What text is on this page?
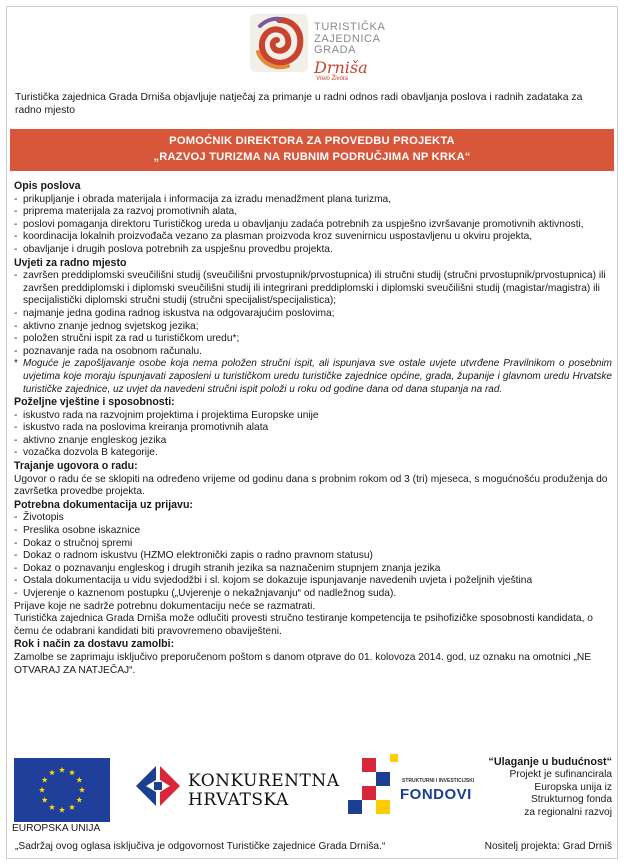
TURISTIČKA
ZAJEDNICA
GRADA
Drniša
Vrelo Života
Turistička zajednica Grada Drniša objavljuje natječaj za primanje u radni odnos radi obavljanja poslova i radnih zadataka za radno mjesto
POMOĆNIK DIREKTORA ZA PROVEDBU PROJEKTA
„RAZVOJ TURIZMA NA RUBNIM PODRUČJIMA NP KRKA“
Opis poslova
- prikupljanje i obrada materijala i informacija za izradu menadžment plana turizma,
- priprema materijala za razvoj promotivnih alata,
- poslovi pomaganja direktoru Turističkog ureda u obavljanju zadaća potrebnih za uspješno izvršavanje promotivnih aktivnosti,
- koordinacija lokalnih proizvođača vezano za plasman proizvoda kroz suvenirnicu uspostavljenu u okviru projekta,
- obavljanje i drugih poslova potrebnih za uspješnu provedbu projekta.
Uvjeti za radno mjesto
- završen preddiplomski sveučilišni studij (sveučilišni prvostupnik/prvostupnica) ili stručni studij (stručni prvostupnik/prvostupnica) ili završen preddiplomski i diplomski sveučilišni studij ili integrirani preddiplomski i diplomski sveučilišni studij (magistar/magistra) ili specijalistički diplomski stručni studij (stručni specijalist/specijalistica);
- najmanje jedna godina radnog iskustva na odgovarajućim poslovima;
- aktivno znanje jednog svjetskog jezika;
- položen stručni ispit za rad u turističkom uredu*;
- poznavanje rada na osobnom računalu.
* Moguće je zapošljavanje osobe koja nema položen stručni ispit, ali ispunjava sve ostale uvjete utvrđene Pravilnikom o posebnim uvjetima koje moraju ispunjavati zaposleni u turističkom uredu turističke zajednice općine, grada, županije i glavnom uredu Hrvatske turističke zajednice, uz uvjet da navedeni stručni ispit položi u roku od godine dana od dana stupanja na rad.
Poželjne vještine i sposobnosti:
- iskustvo rada na razvojnim projektima i projektima Europske unije
- iskustvo rada na poslovima kreiranja promotivnih alata
- aktivno znanje engleskog jezika
- vozačka dozvola B kategorije.
Trajanje ugovora o radu:
Ugovor o radu će se sklopiti na određeno vrijeme od godinu dana s probnim rokom od 3 (tri) mjeseca, s mogućnošću produženja do završetka provedbe projekta.
Potrebna dokumentacija uz prijavu:
- Životopis
- Preslika osobne iskaznice
- Dokaz o stručnoj spremi
- Dokaz o radnom iskustvu (HZMO elektronički zapis o radno pravnom statusu)
- Dokaz o poznavanju engleskog i drugih stranih jezika sa naznačenim stupnjem znanja jezika
- Ostala dokumentacija u vidu svjedodžbi i sl. kojom se dokazuje ispunjavanje navedenih uvjeta i poželjnih vještina
- Uvjerenje o kaznenom postupku („Uvjerenje o nekažnjavanju“ od nadležnog suda).
Prijave koje ne sadrže potrebnu dokumentaciju neće se razmatrati.
Turistička zajednica Grada Drniša može odlučiti provesti stručno testiranje kompetencija te psihofizičke sposobnosti kandidata, o čemu će odabrani kandidati biti pravovremeno obaviješteni.
Rok i način za dostavu zamolbi:
Zamolbe se zaprimaju isključivo preporučenom poštom s danom otprave do 01. kolovoza 2014. god, uz oznaku na omotnici „NE OTVARAJ ZA NATJEČAJ“.
EUROPSKA UNIJA
KONKURENTNA
HRVATSKA
STRUKTURNI I INVESTICIJSKI
FONDOVI
“Ulaganje u budućnost“
Projekt je sufinancirala
Europska unija iz
Strukturnog fonda
za regionalni razvoj
„Sadržaj ovog oglasa isključiva je odgovornost Turističke zajednice Grada Drniša.“	Nositelj projekta: Grad Drniš
